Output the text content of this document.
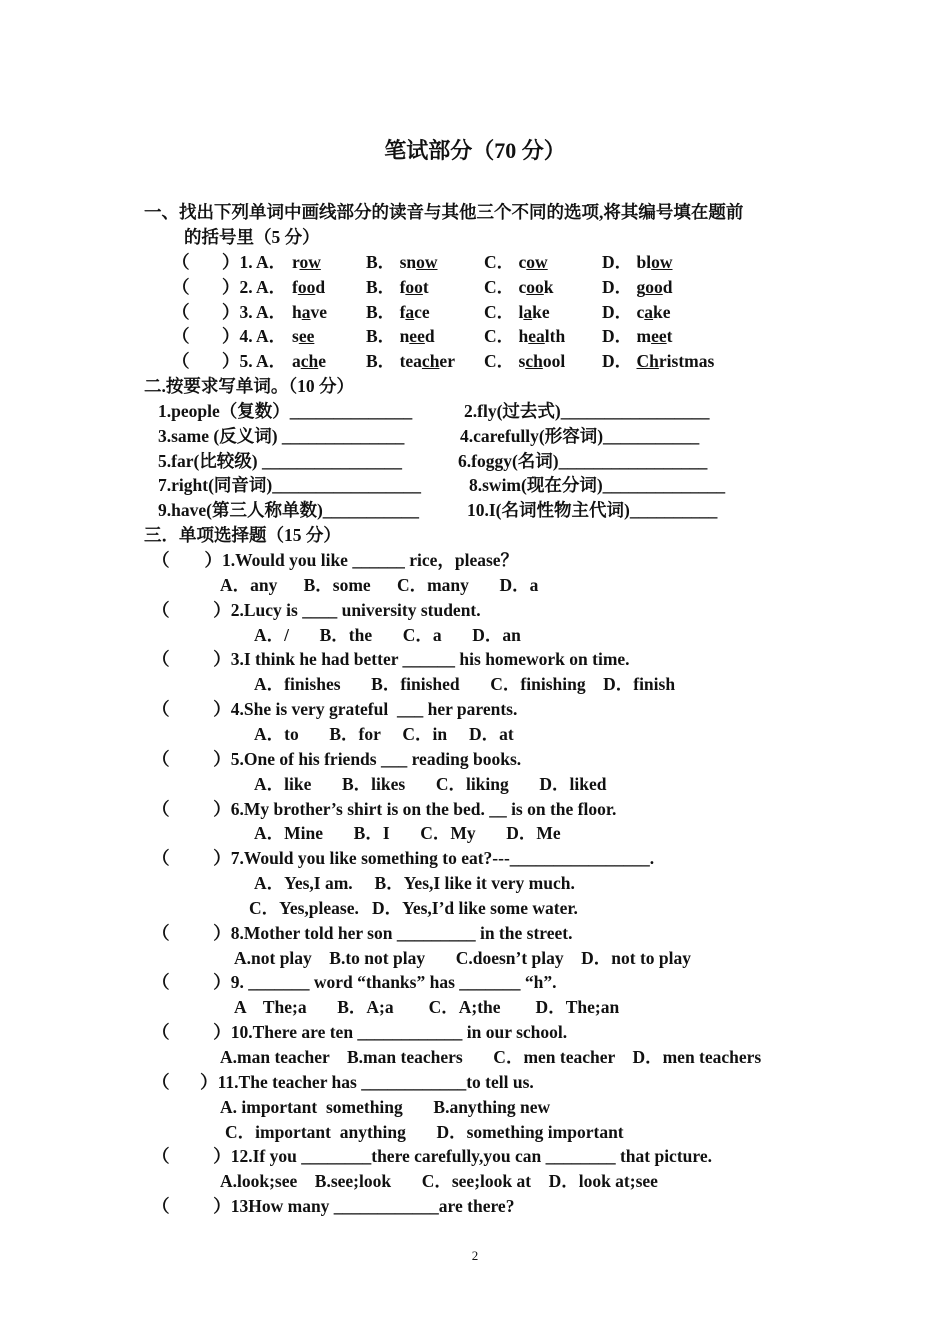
笔试部分（70 分）
一、找出下列单词中画线部分的读音与其他三个不同的选项,将其编号填在题前
的括号里（5 分）
（ ）1. A． row	B． snow	C． cow	D． blow
（ ）2. A． food B． foot	C． cook	D． good
（ ）3. A． have B． face	C． lake	D． cake
（ ）4. A． see	B． need	C． health D． meet
（ ）5. A． ache B． teacher C． school D． Christmas
二.按要求写单词。（10 分）
1.people（复数）______________	2.fly(过去式)_________________
3.same (反义词) ______________	4.carefully(形容词)___________
5.far(比较级) ________________	6.foggy(名词)_________________
7.right(同音词)_________________	8.swim(现在分词)______________
9.have(第三人称单数)___________	10.I(名词性物主代词)__________
三．单项选择题（15 分）
（        ）1.Would you like ______ rice，please？
A．any      B．some      C．many       D．a
（          ）2.Lucy is ____ university student.
A．/       B．the       C．a       D．an
（          ）3.I think he had better ______ his homework on time.
A．finishes       B．finished       C．finishing    D．finish
（          ）4.She is very grateful  ___ her parents.
A．to       B．for     C．in     D．at
（          ）5.One of his friends ___ reading books.
A．like       B．likes       C．liking       D．liked
（          ）6.My brother’s shirt is on the bed. __ is on the floor.
A．Mine       B．I       C．My       D．Me
（          ）7.Would you like something to eat?---________________.
A．Yes,I am.     B．Yes,I like it very much.
C．Yes,please.   D．Yes,I’d like some water.
（          ）8.Mother told her son _________ in the street.
A.not play    B.to not play       C.doesn’t play    D．not to play
（          ）9. _______ word “thanks” has _______ “h”.
A    The;a       B．A;a        C．A;the        D．The;an
（          ）10.There are ten ____________ in our school.
A.man teacher    B.man teachers       C．men teacher    D．men teachers
（       ）11.The teacher has ____________to tell us.
A. important  something       B.anything new
C．important  anything       D．something important
（          ）12.If you ________there carefully,you can ________ that picture.
A.look;see    B.see;look       C．see;look at    D．look at;see
（          ）13How many ____________are there?
2
